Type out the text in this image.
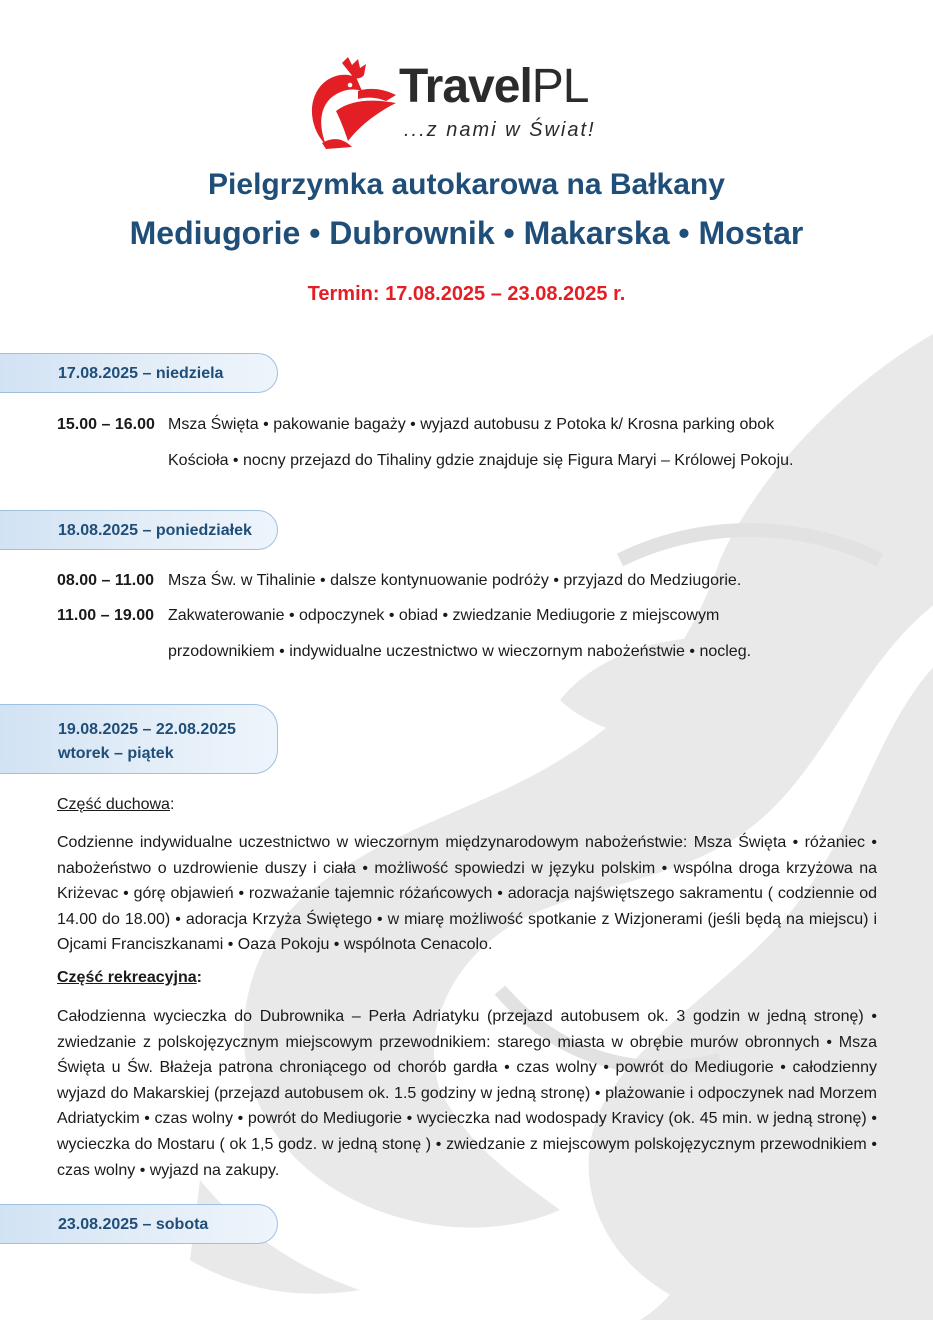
TravelPL
...z nami w Świat!
Pielgrzymka autokarowa na Bałkany
Mediugorie • Dubrownik • Makarska • Mostar
Termin: 17.08.2025 – 23.08.2025 r.
17.08.2025 – niedziela
15.00 – 16.00 Msza Święta • pakowanie bagaży • wyjazd autobusu z Potoka k/ Krosna parking obok
Kościoła • nocny przejazd do Tihaliny gdzie znajduje się Figura Maryi – Królowej Pokoju.
18.08.2025 – poniedziałek
08.00 – 11.00 Msza Św. w Tihalinie • dalsze kontynuowanie podróży • przyjazd do Medziugorie.
11.00 – 19.00 Zakwaterowanie • odpoczynek • obiad • zwiedzanie Mediugorie z miejscowym
przodownikiem • indywidualne uczestnictwo w wieczornym nabożeństwie • nocleg.
19.08.2025 – 22.08.2025
wtorek – piątek
Część duchowa:
Codzienne indywidualne uczestnictwo w wieczornym międzynarodowym nabożeństwie: Msza Święta • różaniec • nabożeństwo o uzdrowienie duszy i ciała • możliwość spowiedzi w języku polskim • wspólna droga krzyżowa na Kriżevac • górę objawień • rozważanie tajemnic różańcowych • adoracja najświętszego sakramentu ( codziennie od 14.00 do 18.00) • adoracja Krzyża Świętego • w miarę możliwość spotkanie z Wizjonerami (jeśli będą na miejscu) i Ojcami Franciszkanami • Oaza Pokoju • wspólnota Cenacolo.
Część rekreacyjna:
Całodzienna wycieczka do Dubrownika – Perła Adriatyku (przejazd autobusem ok. 3 godzin w jedną stronę) • zwiedzanie z polskojęzycznym miejscowym przewodnikiem: starego miasta w obrębie murów obronnych • Msza Święta u Św. Błażeja patrona chroniącego od chorób gardła • czas wolny • powrót do Mediugorie • całodzienny wyjazd do Makarskiej (przejazd autobusem ok. 1.5 godziny w jedną stronę) • plażowanie i odpoczynek nad Morzem Adriatyckim • czas wolny • powrót do Mediugorie • wycieczka nad wodospady Kravicy (ok. 45 min. w jedną stronę) • wycieczka do Mostaru ( ok 1,5 godz. w jedną stonę ) • zwiedzanie z miejscowym polskojęzycznym przewodnikiem • czas wolny • wyjazd na zakupy.
23.08.2025 – sobota
